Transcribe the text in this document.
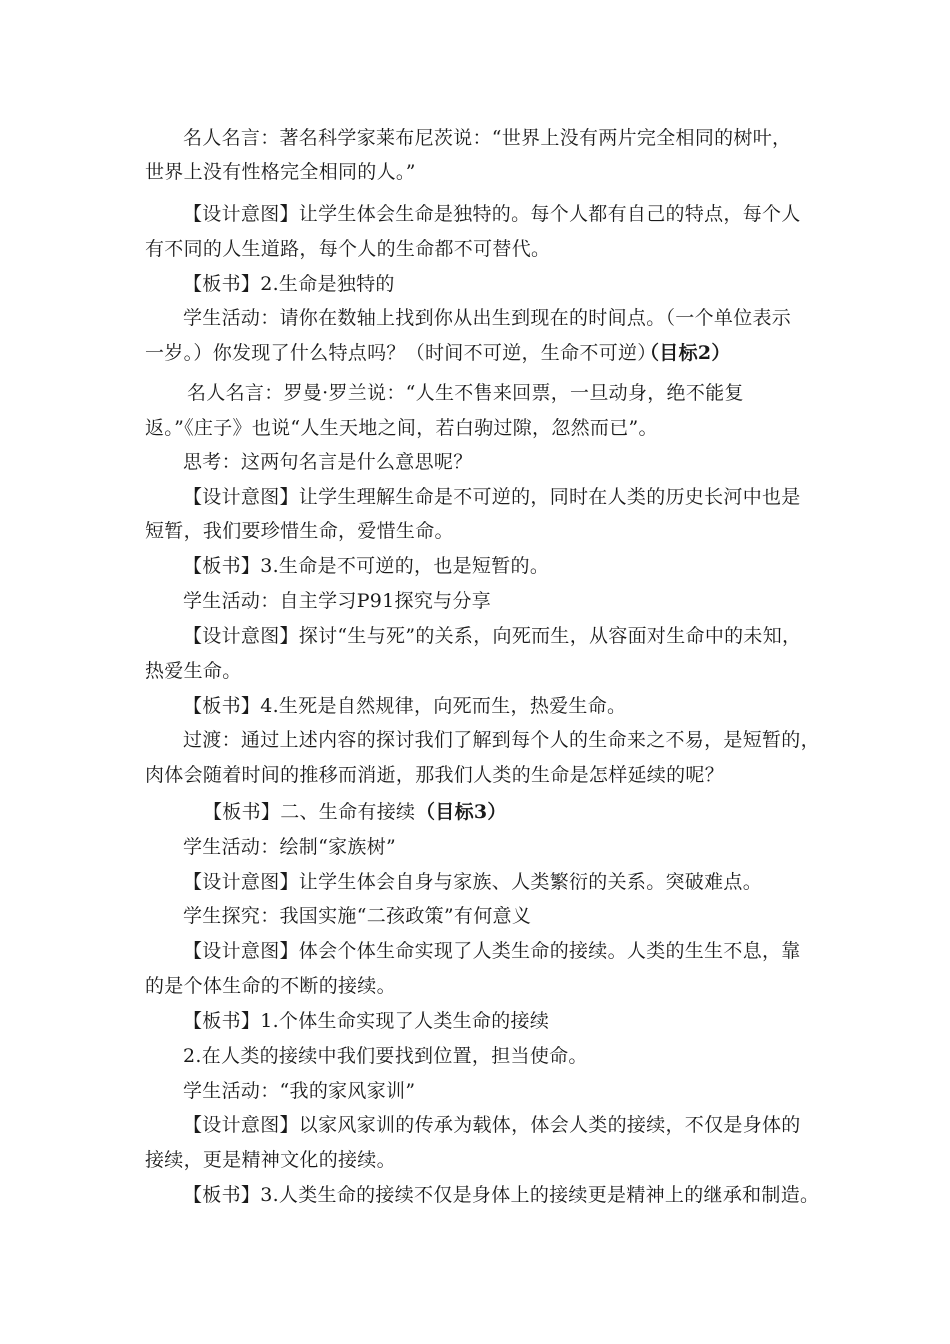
名人名言：著名科学家莱布尼茨说：“世界上没有两片完全相同的树叶，
世界上没有性格完全相同的人。”
【设计意图】让学生体会生命是独特的。每个人都有自己的特点，每个人
有不同的人生道路，每个人的生命都不可替代。
【板书】2.生命是独特的
学生活动：请你在数轴上找到你从出生到现在的时间点。（一个单位表示
一岁。）你发现了什么特点吗？（时间不可逆，生命不可逆）
（目标2）
名人名言：罗曼·罗兰说：“人生不售来回票，一旦动身，绝不能复
返。”《庄子》也说“人生天地之间，若白驹过隙，忽然而已”。
思考：这两句名言是什么意思呢？
【设计意图】让学生理解生命是不可逆的，同时在人类的历史长河中也是
短暂，我们要珍惜生命，爱惜生命。
【板书】3.生命是不可逆的，也是短暂的。
学生活动：自主学习P91探究与分享
【设计意图】探讨“生与死”的关系，向死而生，从容面对生命中的未知，
热爱生命。
【板书】4.生死是自然规律，向死而生，热爱生命。
过渡：通过上述内容的探讨我们了解到每个人的生命来之不易，是短暂的，
肉体会随着时间的推移而消逝，那我们人类的生命是怎样延续的呢？
【板书】二、生命有接续 （目标3）
学生活动：绘制“家族树”
【设计意图】让学生体会自身与家族、人类繁衍的关系。突破难点。
学生探究：我国实施“二孩政策”有何意义
【设计意图】体会个体生命实现了人类生命的接续。人类的生生不息，靠
的是个体生命的不断的接续。
【板书】1.个体生命实现了人类生命的接续
2.在人类的接续中我们要找到位置，担当使命。
学生活动：“我的家风家训”
【设计意图】以家风家训的传承为载体，体会人类的接续，不仅是身体的
接续，更是精神文化的接续。
【板书】3.人类生命的接续不仅是身体上的接续更是精神上的继承和制造。
